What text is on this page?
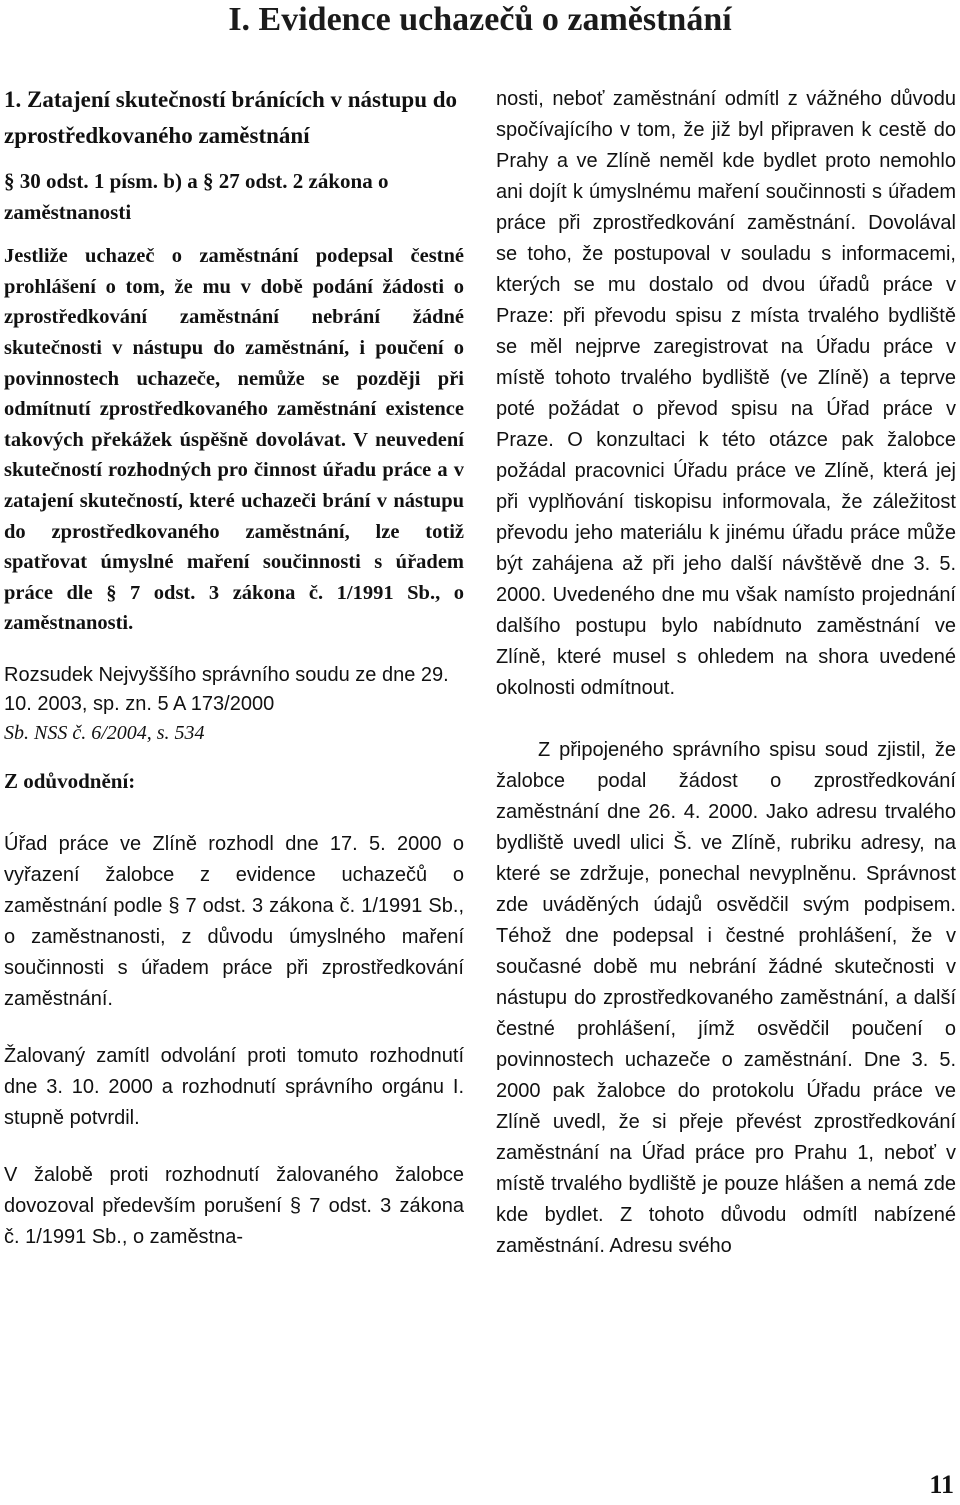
I. Evidence uchazečů o zaměstnání

1. Zatajení skutečností bránících v nástupu do zprostředkovaného zaměstnání

§ 30 odst. 1 písm. b) a § 27 odst. 2 zákona o zaměstnanosti

Jestliže uchazeč o zaměstnání podepsal čestné prohlášení o tom, že mu v době podání žádosti o zprostředkování zaměstnání nebrání žádné skutečnosti v nástupu do zaměstnání, i poučení o povinnostech uchazeče, nemůže se později při odmítnutí zprostředkovaného zaměstnání existence takových překážek úspěšně dovolávat. V neuvedení skutečností rozhodných pro činnost úřadu práce a v zatajení skutečností, které uchazeči brání v nástupu do zprostředkovaného zaměstnání, lze totiž spatřovat úmyslné maření součinnosti s úřadem práce dle § 7 odst. 3 zákona č. 1/1991 Sb., o zaměstnanosti.

Rozsudek Nejvyššího správního soudu ze dne 29. 10. 2003, sp. zn. 5 A 173/2000
Sb. NSS č. 6/2004, s. 534

Z odůvodnění:

Úřad práce ve Zlíně rozhodl dne 17. 5. 2000 o vyřazení žalobce z evidence uchazečů o zaměstnání podle § 7 odst. 3 zákona č. 1/1991 Sb., o zaměstnanosti, z důvodu úmyslného maření součinnosti s úřadem práce při zprostředkování zaměstnání.

Žalovaný zamítl odvolání proti tomuto rozhodnutí dne 3. 10. 2000 a rozhodnutí správního orgánu I. stupně potvrdil.

V žalobě proti rozhodnutí žalovaného žalobce dovozoval především porušení § 7 odst. 3 zákona č. 1/1991 Sb., o zaměstna-

nosti, neboť zaměstnání odmítl z vážného důvodu spočívajícího v tom, že již byl připraven k cestě do Prahy a ve Zlíně neměl kde bydlet proto nemohlo ani dojít k úmyslnému maření součinnosti s úřadem práce při zprostředkování zaměstnání. Dovolával se toho, že postupoval v souladu s informacemi, kterých se mu dostalo od dvou úřadů práce v Praze: při převodu spisu z místa trvalého bydliště se měl nejprve zaregistrovat na Úřadu práce v místě tohoto trvalého bydliště (ve Zlíně) a teprve poté požádat o převod spisu na Úřad práce v Praze. O konzultaci k této otázce pak žalobce požádal pracovnici Úřadu práce ve Zlíně, která jej při vyplňování tiskopisu informovala, že záležitost převodu jeho materiálu k jinému úřadu práce může být zahájena až při jeho další návštěvě dne 3. 5. 2000. Uvedeného dne mu však namísto projednání dalšího postupu bylo nabídnuto zaměstnání ve Zlíně, které musel s ohledem na shora uvedené okolnosti odmítnout.

Z připojeného správního spisu soud zjistil, že žalobce podal žádost o zprostředkování zaměstnání dne 26. 4. 2000. Jako adresu trvalého bydliště uvedl ulici Š. ve Zlíně, rubriku adresy, na které se zdržuje, ponechal nevyplněnu. Správnost zde uváděných údajů osvědčil svým podpisem. Téhož dne podepsal i čestné prohlášení, že v současné době mu nebrání žádné skutečnosti v nástupu do zprostředkovaného zaměstnání, a další čestné prohlášení, jímž osvědčil poučení o povinnostech uchazeče o zaměstnání. Dne 3. 5. 2000 pak žalobce do protokolu Úřadu práce ve Zlíně uvedl, že si přeje převést zprostředkování zaměstnání na Úřad práce pro Prahu 1, neboť v místě trvalého bydliště je pouze hlášen a nemá zde kde bydlet. Z tohoto důvodu odmítl nabízené zaměstnání. Adresu svého

11
